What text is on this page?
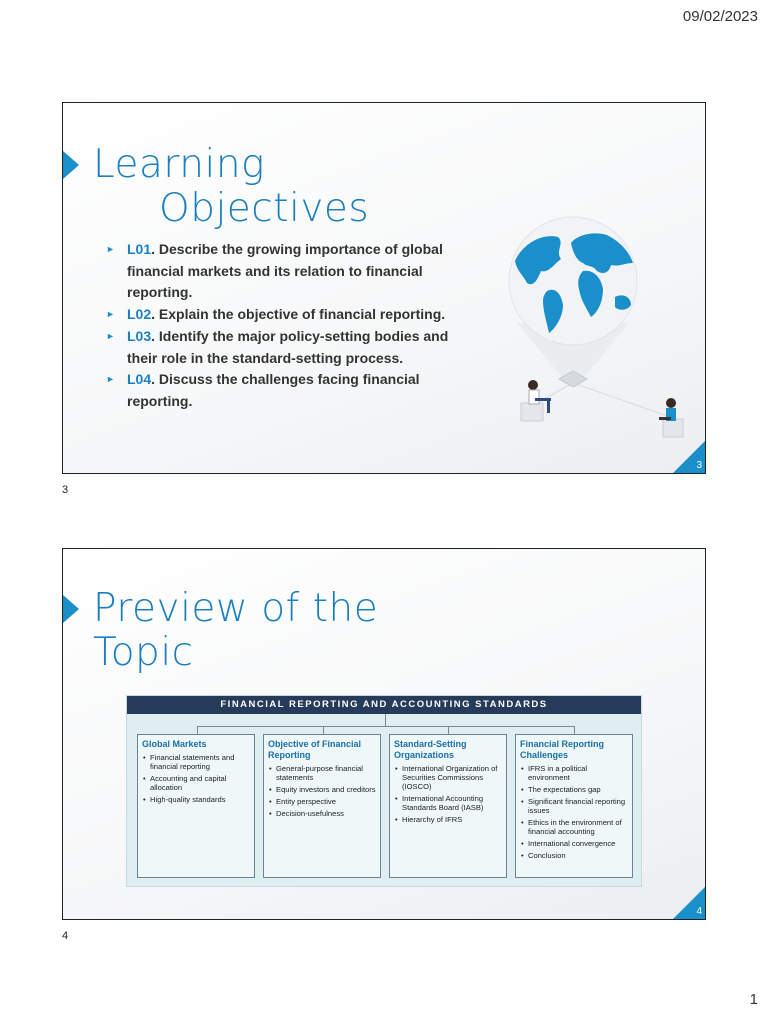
09/02/2023
Learning
Objectives
► L01. Describe the growing importance of global financial markets and its relation to financial reporting.
► L02. Explain the objective of financial reporting.
► L03. Identify the major policy-setting bodies and their role in the standard-setting process.
► L04. Discuss the challenges facing financial reporting.
3
3
Preview of the
Topic
FINANCIAL REPORTING AND ACCOUNTING STANDARDS
Global Markets
• Financial statements and financial reporting
• Accounting and capital allocation
• High-quality standards
Objective of Financial Reporting
• General-purpose financial statements
• Equity investors and creditors
• Entity perspective
• Decision-usefulness
Standard-Setting Organizations
• International Organization of Securities Commissions (IOSCO)
• International Accounting Standards Board (IASB)
• Hierarchy of IFRS
Financial Reporting Challenges
• IFRS in a political environment
• The expectations gap
• Significant financial reporting issues
• Ethics in the environment of financial accounting
• International convergence
• Conclusion
4
4
1
